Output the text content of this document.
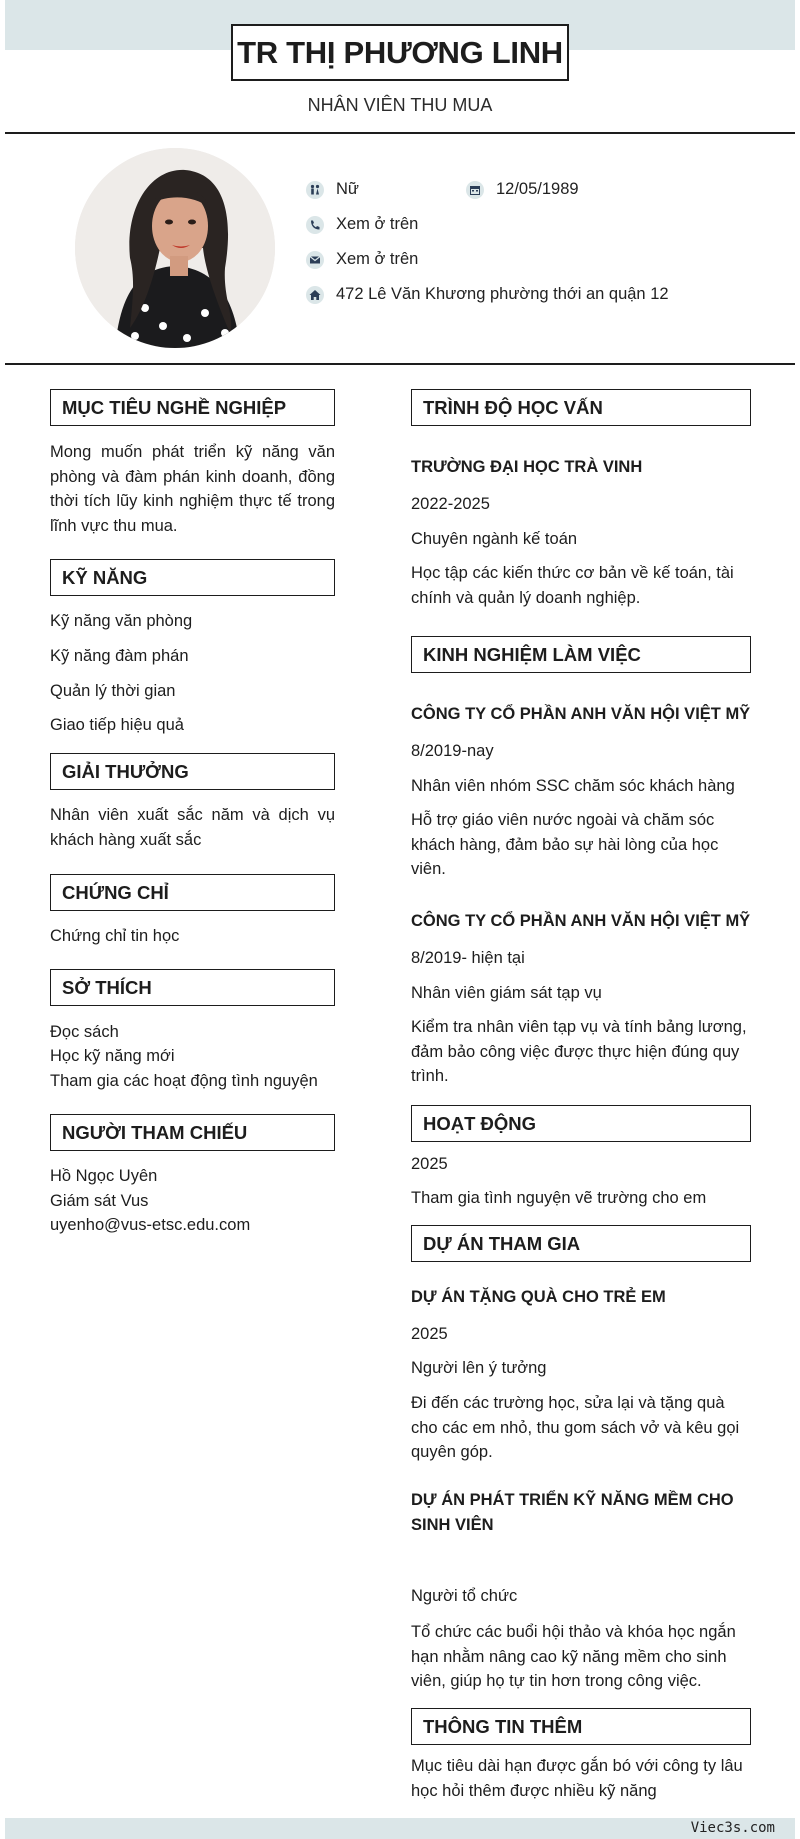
TR THỊ PHƯƠNG LINH
NHÂN VIÊN THU MUA
Nữ	12/05/1989
Xem ở trên
Xem ở trên
472 Lê Văn Khương phường thới an quận 12
MỤC TIÊU NGHỀ NGHIỆP
Mong muốn phát triển kỹ năng văn phòng và đàm phán kinh doanh, đồng thời tích lũy kinh nghiệm thực tế trong lĩnh vực thu mua.
KỸ NĂNG
Kỹ năng văn phòng
Kỹ năng đàm phán
Quản lý thời gian
Giao tiếp hiệu quả
GIẢI THƯỞNG
Nhân viên xuất sắc năm và dịch vụ khách hàng xuất sắc
CHỨNG CHỈ
Chứng chỉ tin học
SỞ THÍCH
Đọc sách
Học kỹ năng mới
Tham gia các hoạt động tình nguyện
NGƯỜI THAM CHIẾU
Hồ Ngọc Uyên
Giám sát Vus
uyenho@vus-etsc.edu.com
TRÌNH ĐỘ HỌC VẤN
TRƯỜNG ĐẠI HỌC TRÀ VINH
2022-2025
Chuyên ngành kế toán
Học tập các kiến thức cơ bản về kế toán, tài chính và quản lý doanh nghiệp.
KINH NGHIỆM LÀM VIỆC
CÔNG TY CỔ PHẦN ANH VĂN HỘI VIỆT MỸ
8/2019-nay
Nhân viên nhóm SSC chăm sóc khách hàng
Hỗ trợ giáo viên nước ngoài và chăm sóc khách hàng, đảm bảo sự hài lòng của học viên.
CÔNG TY CỔ PHẦN ANH VĂN HỘI VIỆT MỸ
8/2019- hiện tại
Nhân viên giám sát tạp vụ
Kiểm tra nhân viên tạp vụ và tính bảng lương, đảm bảo công việc được thực hiện đúng quy trình.
HOẠT ĐỘNG
2025
Tham gia tình nguyện vẽ trường cho em
DỰ ÁN THAM GIA
DỰ ÁN TẶNG QUÀ CHO TRẺ EM
2025
Người lên ý tưởng
Đi đến các trường học, sửa lại và tặng quà cho các em nhỏ, thu gom sách vở và kêu gọi quyên góp.
DỰ ÁN PHÁT TRIỂN KỸ NĂNG MỀM CHO SINH VIÊN
Người tổ chức
Tổ chức các buổi hội thảo và khóa học ngắn hạn nhằm nâng cao kỹ năng mềm cho sinh viên, giúp họ tự tin hơn trong công việc.
THÔNG TIN THÊM
Mục tiêu dài hạn được gắn bó với công ty lâu học hỏi thêm được nhiều kỹ năng
Viec3s.com
